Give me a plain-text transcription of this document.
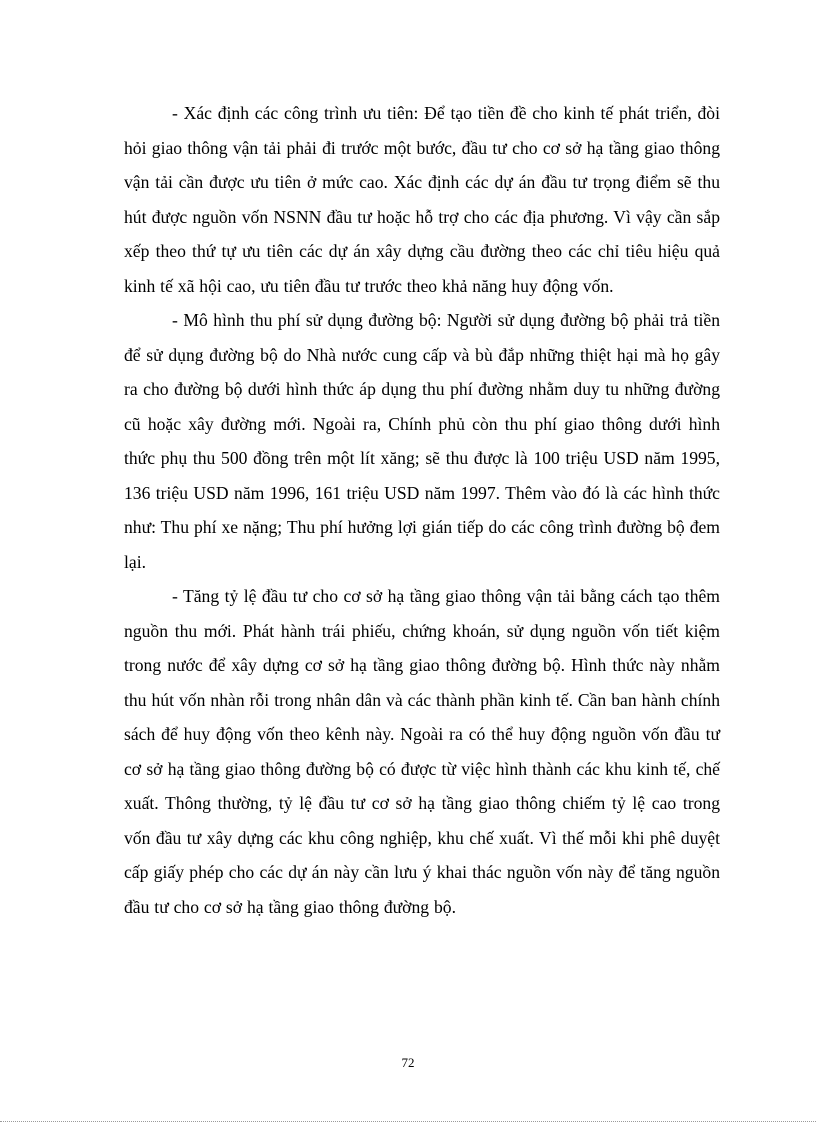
- Xác định các công trình ưu tiên: Để tạo tiền đề cho kinh tế phát triển, đòi hỏi giao thông vận tải phải đi trước một bước, đầu tư cho cơ sở hạ tầng giao thông vận tải cần được ưu tiên ở mức cao. Xác định các dự án đầu tư trọng điểm sẽ thu hút được nguồn vốn NSNN đầu tư hoặc hỗ trợ cho các địa phương. Vì vậy cần sắp xếp theo thứ tự ưu tiên các dự án xây dựng cầu đường theo các chỉ tiêu hiệu quả kinh tế xã hội cao, ưu tiên đầu tư trước theo khả năng huy động vốn.

- Mô hình thu phí sử dụng đường bộ: Người sử dụng đường bộ phải trả tiền để sử dụng đường bộ do Nhà nước cung cấp và bù đắp những thiệt hại mà họ gây ra cho đường bộ dưới hình thức áp dụng thu phí đường nhằm duy tu những đường cũ hoặc xây đường mới. Ngoài ra, Chính phủ còn thu phí giao thông dưới hình thức phụ thu 500 đồng trên một lít xăng; sẽ thu được là 100 triệu USD năm 1995, 136 triệu USD năm 1996, 161 triệu USD năm 1997. Thêm vào đó là các hình thức như: Thu phí xe nặng; Thu phí hưởng lợi gián tiếp do các công trình đường bộ đem lại.

- Tăng tỷ lệ đầu tư cho cơ sở hạ tầng giao thông vận tải bằng cách tạo thêm nguồn thu mới. Phát hành trái phiếu, chứng khoán, sử dụng nguồn vốn tiết kiệm trong nước để xây dựng cơ sở hạ tầng giao thông đường bộ. Hình thức này nhằm thu hút vốn nhàn rỗi trong nhân dân và các thành phần kinh tế. Cần ban hành chính sách để huy động vốn theo kênh này. Ngoài ra có thể huy động nguồn vốn đầu tư cơ sở hạ tầng giao thông đường bộ có được từ việc hình thành các khu kinh tế, chế xuất. Thông thường, tỷ lệ đầu tư cơ sở hạ tầng giao thông chiếm tỷ lệ cao trong vốn đầu tư xây dựng các khu công nghiệp, khu chế xuất. Vì thế mỗi khi phê duyệt cấp giấy phép cho các dự án này cần lưu ý khai thác nguồn vốn này để tăng nguồn đầu tư cho cơ sở hạ tầng giao thông đường bộ.

72
